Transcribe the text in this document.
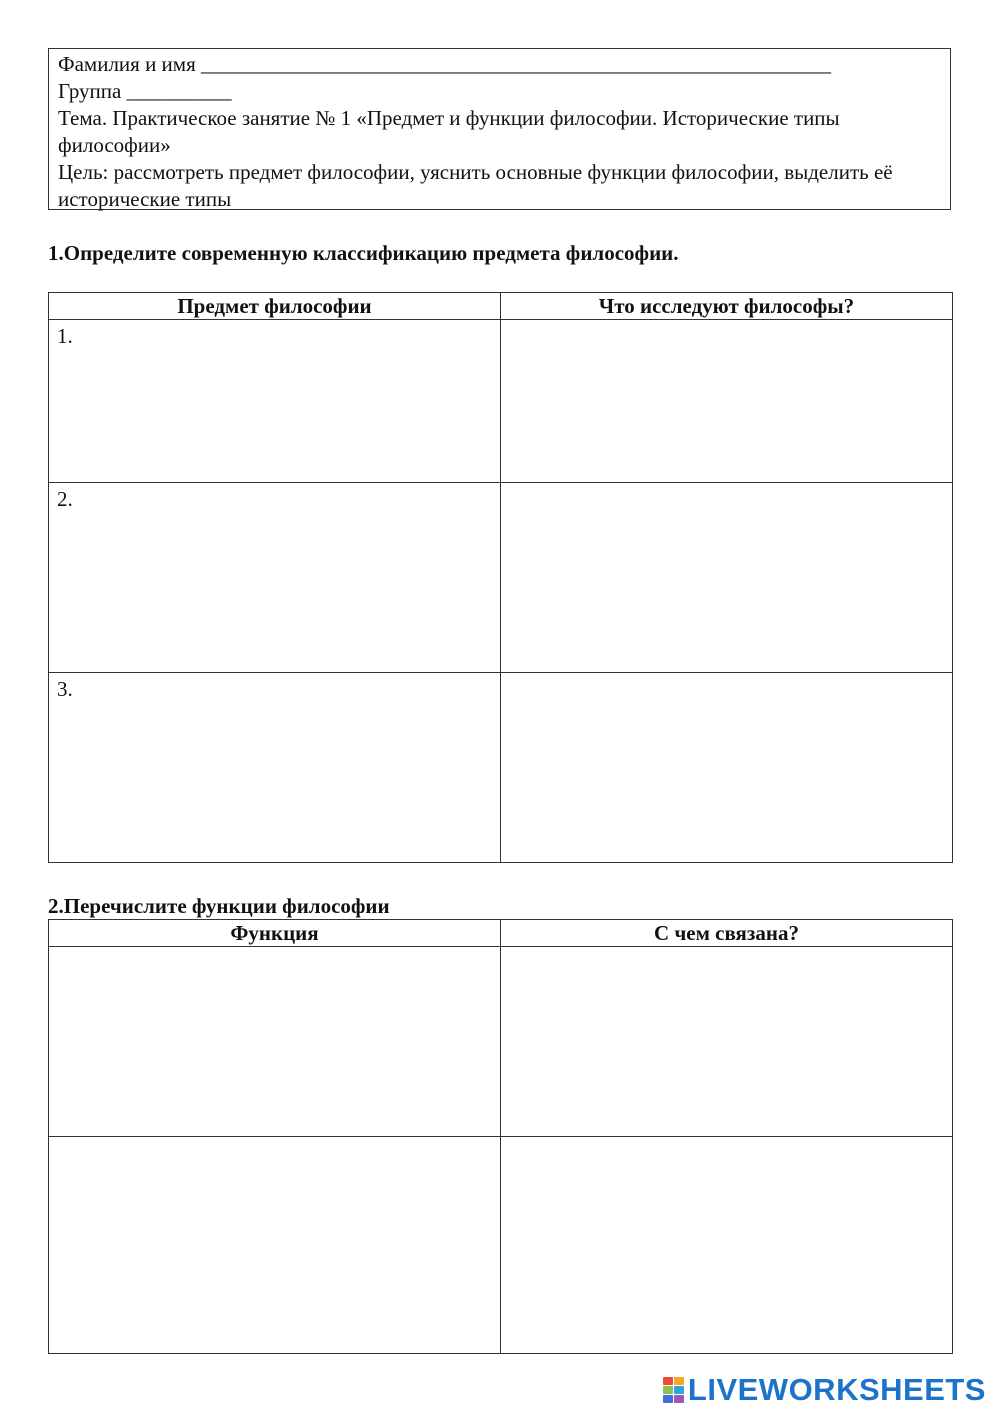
Фамилия и имя ____________________________________________________________
Группа __________
Тема. Практическое занятие № 1 «Предмет и функции философии. Исторические типы философии»
Цель: рассмотреть предмет философии, уяснить основные функции философии, выделить её исторические типы
1.Определите современную классификацию предмета философии.
Предмет философии	Что исследуют философы?
1.	
2.	
3.	
2.Перечислите функции философии
Функция	С чем связана?

LIVEWORKSHEETS
